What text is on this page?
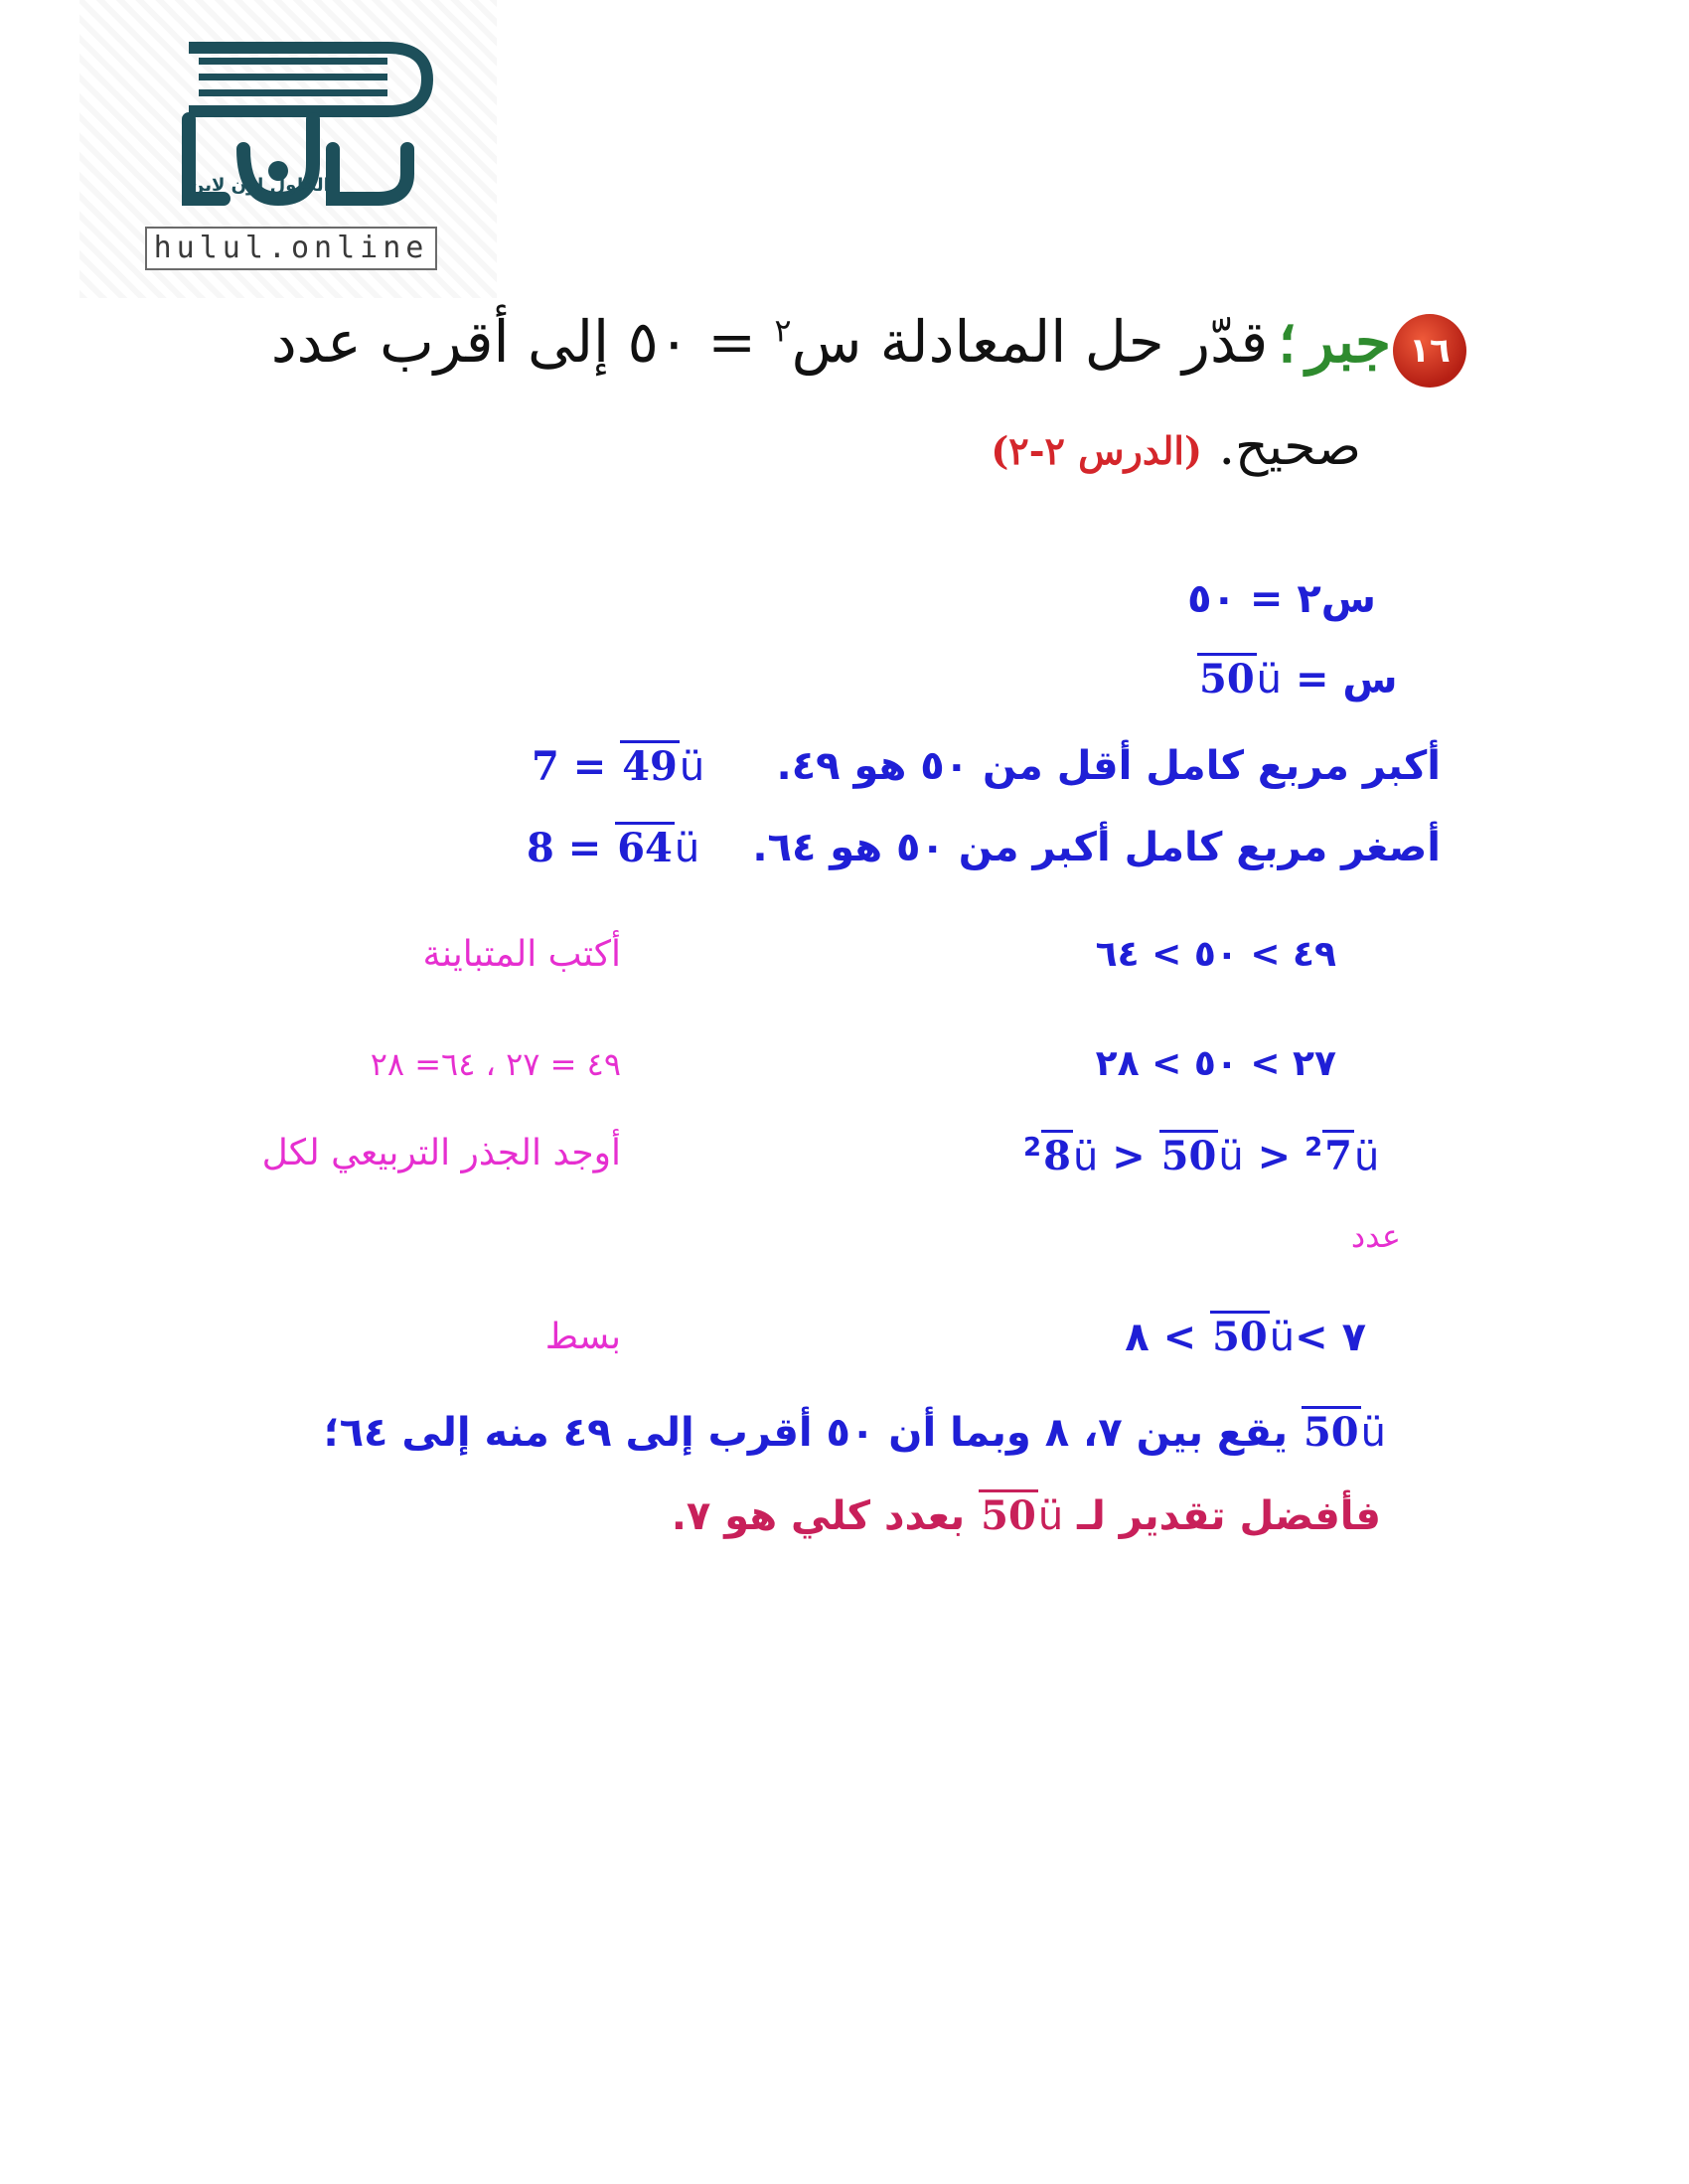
الحلول اون لاين
hulul.online
١٦
جبر؛قدّر حل المعادلة س$^٢$ = ٥٠ إلى أقرب عدد
صحيح. (الدرس ٢-٢)
س٢ = ٥٠
50ü س =
أكبر مربع كامل أقل من ٥٠ هو ٤٩.
7 = 49ü
أصغر مربع كامل أكبر من ٥٠ هو ٦٤.
8 = 64ü
٤٩ > ٥٠ > ٦٤
أكتب المتباينة
٢٧ > ٥٠ > ٢٨
٤٩ = ٢٧ ، ٦٤= ٢٨
$^2$8ü > 50ü > $^2$7ü
أوجد الجذر التربيعي لكل
عدد
٧ >50ü > ٨
بسط
50ü يقع بين ٧، ٨ وبما أن ٥٠ أقرب إلى ٤٩ منه إلى ٦٤؛
فأفضل تقدير لـ 50ü بعدد كلي هو ٧.
